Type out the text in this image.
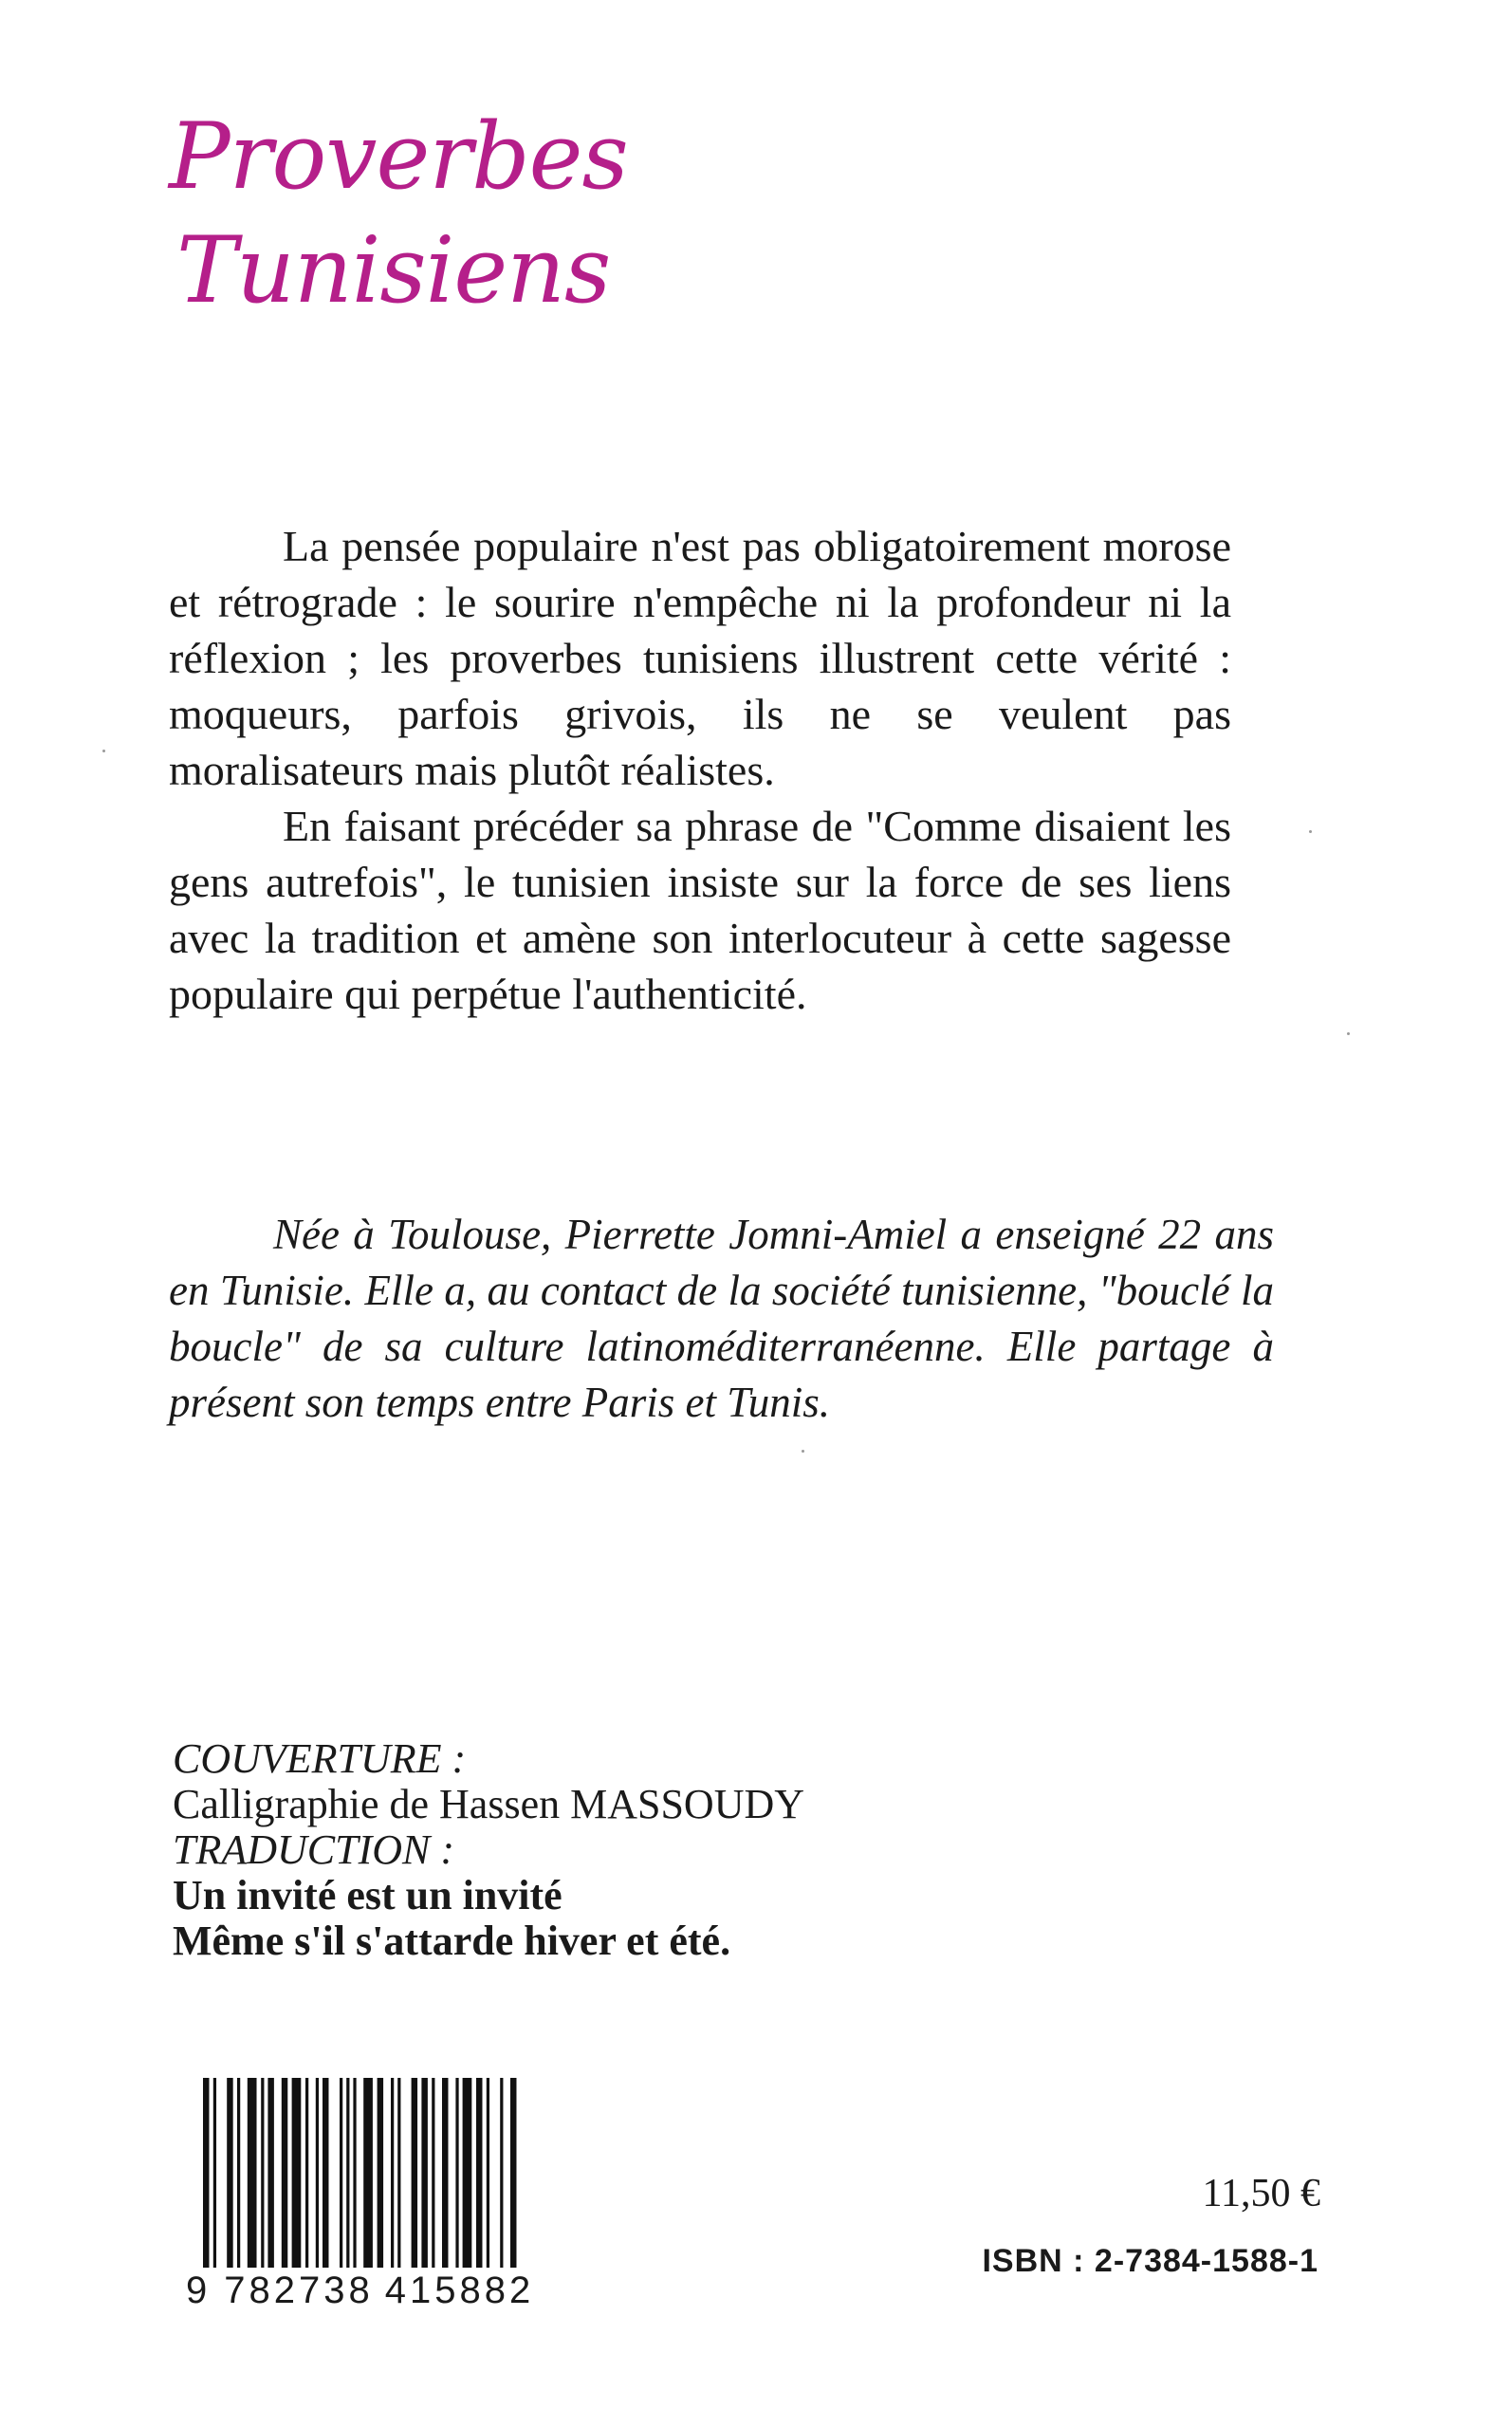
Proverbes
Tunisiens

La pensée populaire n'est pas obligatoirement morose et rétrograde : le sourire n'empêche ni la profondeur ni la réflexion ; les proverbes tunisiens illustrent cette vérité : moqueurs, parfois grivois, ils ne se veulent pas moralisateurs mais plutôt réalistes.

En faisant précéder sa phrase de "Comme disaient les gens autrefois", le tunisien insiste sur la force de ses liens avec la tradition et amène son interlocuteur à cette sagesse populaire qui perpétue l'authenticité.

Née à Toulouse, Pierrette Jomni-Amiel a enseigné 22 ans en Tunisie. Elle a, au contact de la société tunisienne, "bouclé la boucle" de sa culture latinoméditerranéenne. Elle partage à présent son temps entre Paris et Tunis.

COUVERTURE :
Calligraphie de Hassen MASSOUDY
TRADUCTION :
Un invité est un invité
Même s'il s'attarde hiver et été.
9 782738 415882
11,50 €
ISBN : 2-7384-1588-1
